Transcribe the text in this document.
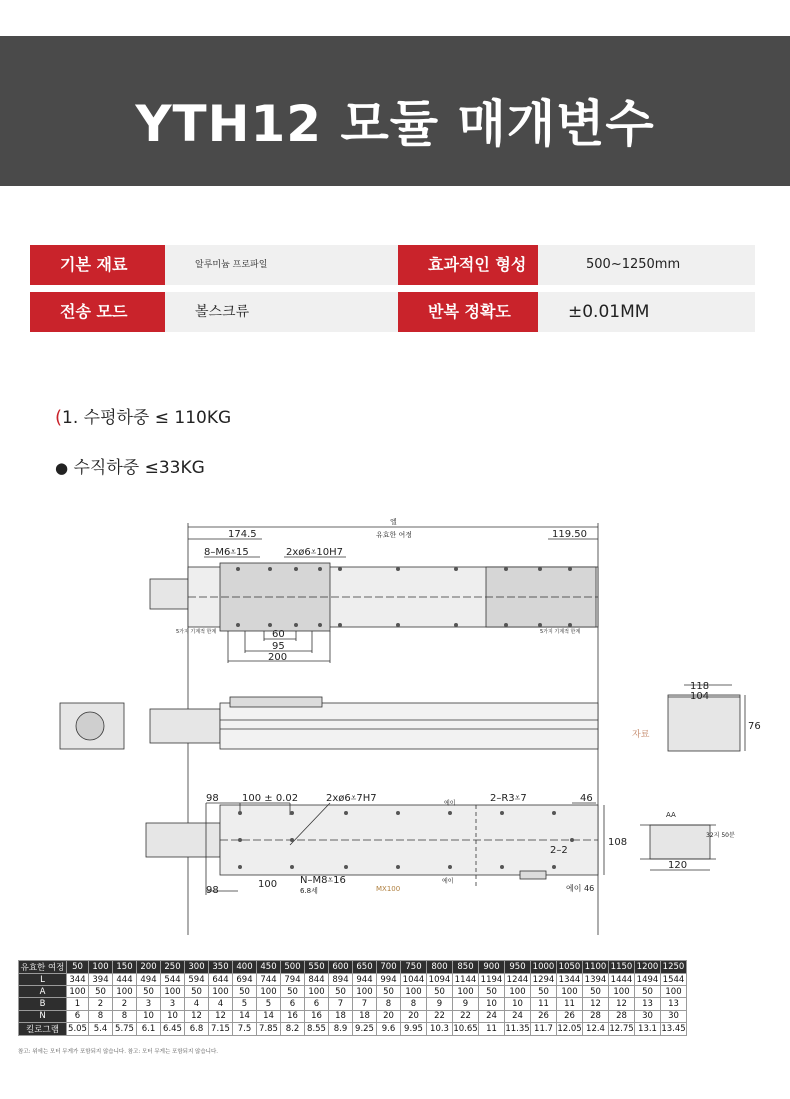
YTH12 모듈 매개변수
기본 재료	알루미늄 프로파일	효과적인 형성	500~1250mm
전송 모드	볼스크류	반복 정확도	±0.01MM
(1. 수평하중 ≤ 110KG
● 수직하중 ≤33KG
엘
174.5	유효한 여정	119.50
8–M6⩡15	2xø6⩡10H7
60
95
200
5가지 기계적 한계	5가지 기계적 한계
118
104
76
자료
98 100 ± 0.02	2xø6⩡7H7	에이	2–R3⩡7	46
108
2–2
98
100 N–M8⩡16
6.8세
에이
MX100	에이 46
AA
32지 50분
120
유효한 여정	50	100	150	200	250	300	350	400	450	500	550	600	650	700	750	800	850	900	950	1000	1050	1100	1150	1200	1250
L	344	394	444	494	544	594	644	694	744	794	844	894	944	994	1044	1094	1144	1194	1244	1294	1344	1394	1444	1494	1544
A	100	50	100	50	100	50	100	50	100	50	100	50	100	50	100	50	100	50	100	50	100	50	100	50	100
B	1	2	2	3	3	4	4	5	5	6	6	7	7	8	8	9	9	10	10	11	11	12	12	13	13
N	6	8	8	10	10	12	12	14	14	16	16	18	18	20	20	22	22	24	24	26	26	28	28	30	30
킬로그램	5.05	5.4	5.75	6.1	6.45	6.8	7.15	7.5	7.85	8.2	8.55	8.9	9.25	9.6	9.95	10.3	10.65	11	11.35	11.7	12.05	12.4	12.75	13.1	13.45
참고: 위에는 모터 무게가 포함되지 않습니다. 참고: 모터 무게는 포함되지 않습니다.
